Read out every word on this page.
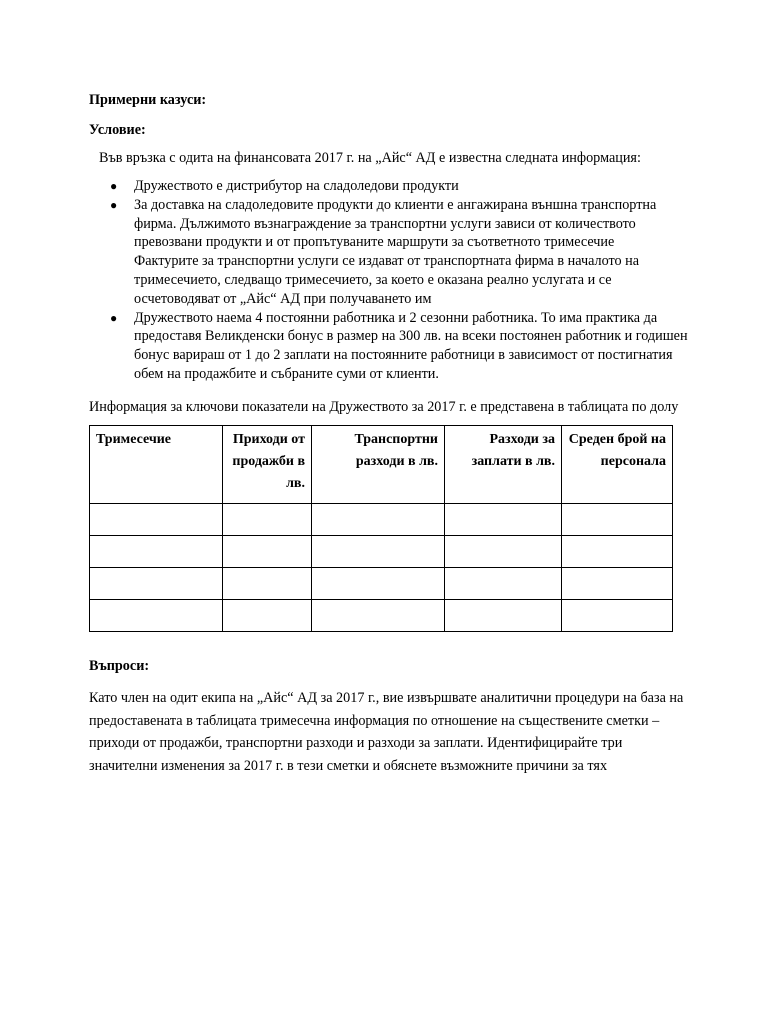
Примерни казуси:
Условие:
Във връзка с одита на финансовата 2017 г. на „Айс“ АД е известна следната информация:
● Дружеството е дистрибутор на сладоледови продукти
● За доставка на сладоледовите продукти до клиенти е ангажирана външна транспортна
фирма. Дължимото възнаграждение за транспортни услуги зависи от количеството
превозвани продукти и от пропътуваните маршрути за съответното тримесечие
Фактурите за транспортни услуги се издават от транспортната фирма в началото на
тримесечието, следващо тримесечието, за което е оказана реално услугата и се
осчетоводяват от „Айс“ АД при получаването им
● Дружеството наема 4 постоянни работника и 2 сезонни работника. То има практика да
предоставя Великденски бонус в размер на 300 лв. на всеки постоянен работник и годишен
бонус варираш от 1 до 2 заплати на постоянните работници в зависимост от постигнатия
обем на продажбите и събраните суми от клиенти.
Информация за ключови показатели на Дружеството за 2017 г. е представена в таблицата по долу
Тримесечие	Приходи от продажби в лв.	Транспортни разходи в лв.	Разходи за заплати в лв.	Среден брой на персонала

Въпроси:
Като член на одит екипа на „Айс“ АД за 2017 г., вие извършвате аналитични процедури на база на
предоставената в таблицата тримесечна информация по отношение на съществените сметки –
приходи от продажби, транспортни разходи и разходи за заплати. Идентифицирайте три
значителни изменения за 2017 г. в тези сметки и обяснете възможните причини за тях
